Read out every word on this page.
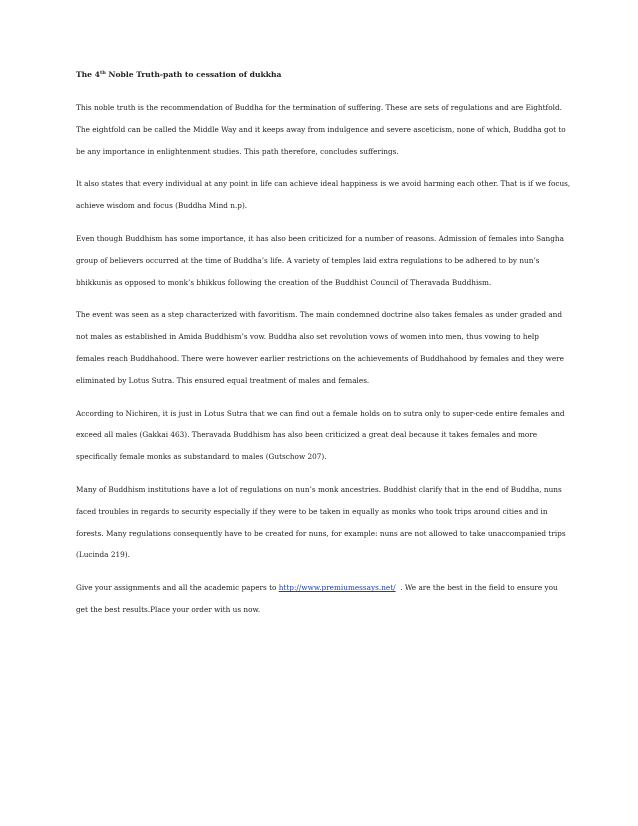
The 4th Noble Truth-path to cessation of dukkha
This noble truth is the recommendation of Buddha for the termination of suffering. These are sets of regulations and are Eightfold.
The eightfold can be called the Middle Way and it keeps away from indulgence and severe asceticism, none of which, Buddha got to
be any importance in enlightenment studies. This path therefore, concludes sufferings.
It also states that every individual at any point in life can achieve ideal happiness is we avoid harming each other. That is if we focus,
achieve wisdom and focus (Buddha Mind n.p).
Even though Buddhism has some importance, it has also been criticized for a number of reasons. Admission of females into Sangha
group of believers occurred at the time of Buddha’s life. A variety of temples laid extra regulations to be adhered to by nun’s
bhikkunis as opposed to monk’s bhikkus following the creation of the Buddhist Council of Theravada Buddhism.
The event was seen as a step characterized with favoritism. The main condemned doctrine also takes females as under graded and
not males as established in Amida Buddhism’s vow. Buddha also set revolution vows of women into men, thus vowing to help
females reach Buddhahood. There were however earlier restrictions on the achievements of Buddhahood by females and they were
eliminated by Lotus Sutra. This ensured equal treatment of males and females.
According to Nichiren, it is just in Lotus Sutra that we can find out a female holds on to sutra only to super-cede entire females and
exceed all males (Gakkai 463). Theravada Buddhism has also been criticized a great deal because it takes females and more
specifically female monks as substandard to males (Gutschow 207).
Many of Buddhism institutions have a lot of regulations on nun’s monk ancestries. Buddhist clarify that in the end of Buddha, nuns
faced troubles in regards to security especially if they were to be taken in equally as monks who took trips around cities and in
forests. Many regulations consequently have to be created for nuns, for example: nuns are not allowed to take unaccompanied trips
(Lucinda 219).
Give your assignments and all the academic papers to http://www.premiumessays.net/  . We are the best in the field to ensure you
get the best results.Place your order with us now.
